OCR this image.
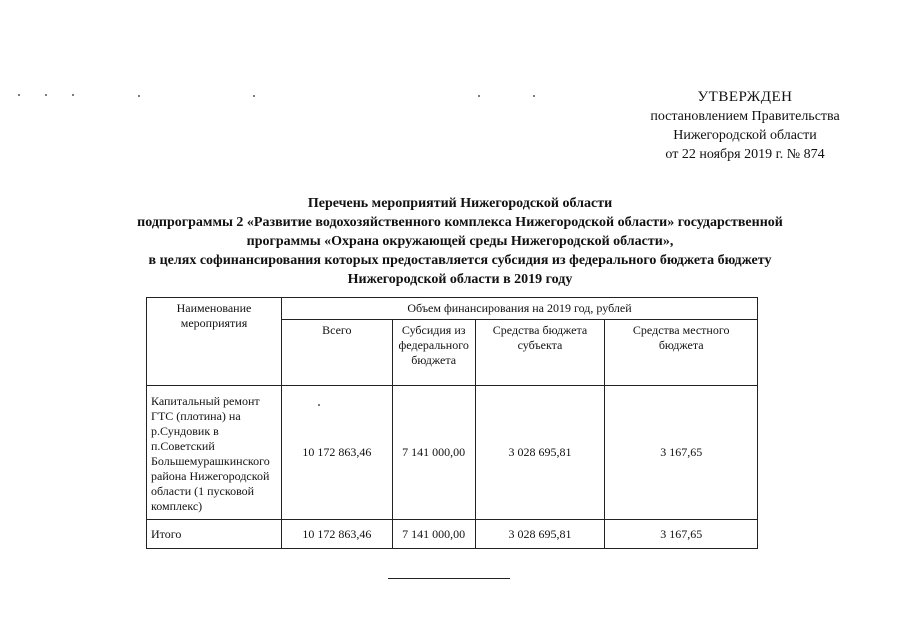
УТВЕРЖДЕН
постановлением Правительства
Нижегородской области
от 22 ноября 2019 г. № 874
Перечень мероприятий Нижегородской области
подпрограммы 2 «Развитие водохозяйственного комплекса Нижегородской области» государственной
программы «Охрана окружающей среды Нижегородской области»,
в целях софинансирования которых предоставляется субсидия из федерального бюджета бюджету
Нижегородской области в 2019 году
Наименование мероприятия	Объем финансирования на 2019 год, рублей			
	Всего	Субсидия из федерального бюджета	Средства бюджета субъекта	Средства местного бюджета
Капитальный ремонт ГТС (плотина) на р.Сундовик в п.Советский Большемурашкинского района Нижегородской области (1 пусковой комплекс)	10 172 863,46	7 141 000,00	3 028 695,81	3 167,65
Итого	10 172 863,46	7 141 000,00	3 028 695,81	3 167,65
